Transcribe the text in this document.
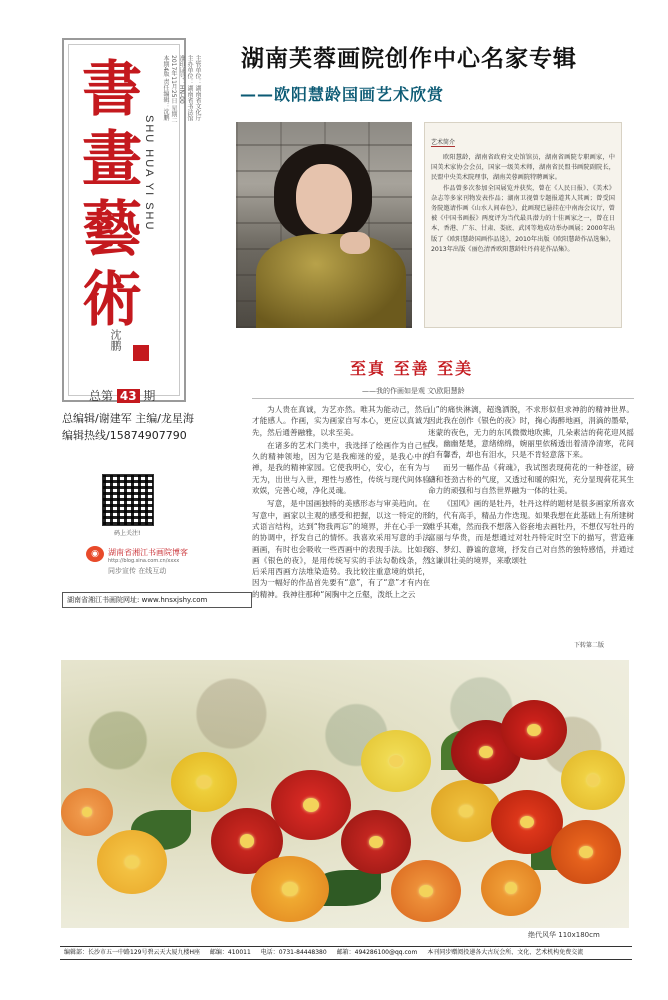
書
畫
藝
術
SHU HUA YI SHU
主管单位：湖南省文化厅
主办单位：湖南省书法馆
准印证号：HN-00
2017年11月25日 星期二
本期4版 责任编辑：沈鹏
沈鹏
总第 43 期
总编辑/谢建军 主编/龙星海
编辑热线/15874907790
码上关注!
◉	湖南省湘江书画院博客
http://blog.sina.com.cn/xxxx
同步宣传 在线互动
湖南省湘江书画院网址: www.hnsxjshy.com
湖南芙蓉画院创作中心名家专辑
——欧阳慧龄国画艺术欣赏
艺术简介

欧阳慧龄，湖南省政府文史馆馆员，湖南省画院专职画家，中国美术家协会会员，国家一级美术师，湖南省民盟书画院副院长，民盟中央美术院理事，湖南芙蓉画院特聘画家。

作品曾多次参加全国展览并获奖，曾在《人民日报》、《美术》杂志等多家刊物发表作品；湖南卫视曾专题报道其人其画；曾受国务院邀请作画《山水人间春色》，此画现已悬挂在中南海会议厅，曾被《中国书画报》两度评为当代最具潜力的十佳画家之一，曾在日本、香港、广东、甘肃、娄底、武冈等地成功举办画展；2000年出版了《欧阳慧龄国画作品选》，2010年出版《欧阳慧龄作品选集》，2013年出版《丽色清香欧阳慧龄牡丹荷花作品集》。

至真 至善 至美
——我的作画如是观 文\欧阳慧龄

为人贵在真诚，为艺亦然。唯其为能动己，然后才能感人。作画，实为画家自写本心，更应以真诚为先，然后通善融雅，以求至美。

在诸多的艺术门类中，我选择了绘画作为自己恒久的精神领地，因为它是我痴迷的爱，是我心中的禅，是我的精神家园。它使我明心，安心，在有为与无为，出世与入世，理性与感性，传统与现代间体验欢娱，完善心境，净化灵魂。

写意，是中国画独特的美感形态与审美趋向。在写意中，画家以主观的感受和把握，以这一特定的形式语言结构，达到“物我两忘”的境界，并在心手一致的协调中，抒发自己的情怀。我喜欢采用写意的手法画画，有时也会吸收一些西画中的表现手法。比如我画《银色的夜》，是用传统写实的手法勾勒线条，然后采用西画方法堆染造势。我比较注重意境的烘托，因为一幅好的作品首先要有“意”，有了“意”才有内在的精神。我神往那种“闲胸中之丘壑，泼纸上之云

山”的痛快淋漓，超逸洒脱，不求形似但求神韵的精神世界。因此我在创作《银色的夜》时，掬心海醉地画，涓滴的墨晕，迷蒙的夜色，无力的东风微微地吹拂，几朵素洁的荷花迎风摇曳，幽幽楚楚，意绪绵绵，婉丽里依稀透出着清净清寒，花间自有馨香，却也有泪水，只是不肯轻意落下来。

而另一幅作品《荷魂》，我试图表现荷花的一种苍涩，磅礴和苍劲古朴的气度，又透过和暖的阳光，充分显现荷花其生命力的顽强和与自然世界融为一体的壮美。

《国风》画的是牡丹，牡丹这样的题材是很多画家所喜欢的，代有高手，精品力作迭现。如果我想在此基础上有所建树难乎其难，然而我不想落入俗套地去画牡丹，不想仅写牡丹的富丽与华贵，而是想通过对牡丹特定时空下的描写，营造雍容、梦幻、静谧的意境，抒发自己对自然的独特感悟，并通过这谦训壮美的境界，来歌颂牡

下转第二版
绝代风华 110x180cm
编辑部：长沙市五一中路129号碧云天大厦九楼H座 邮编：410011 电话：0731-84448380 邮箱：494286100@qq.com 本刊同步赠阅投递各大古玩会所、文化、艺术机构免费交流
